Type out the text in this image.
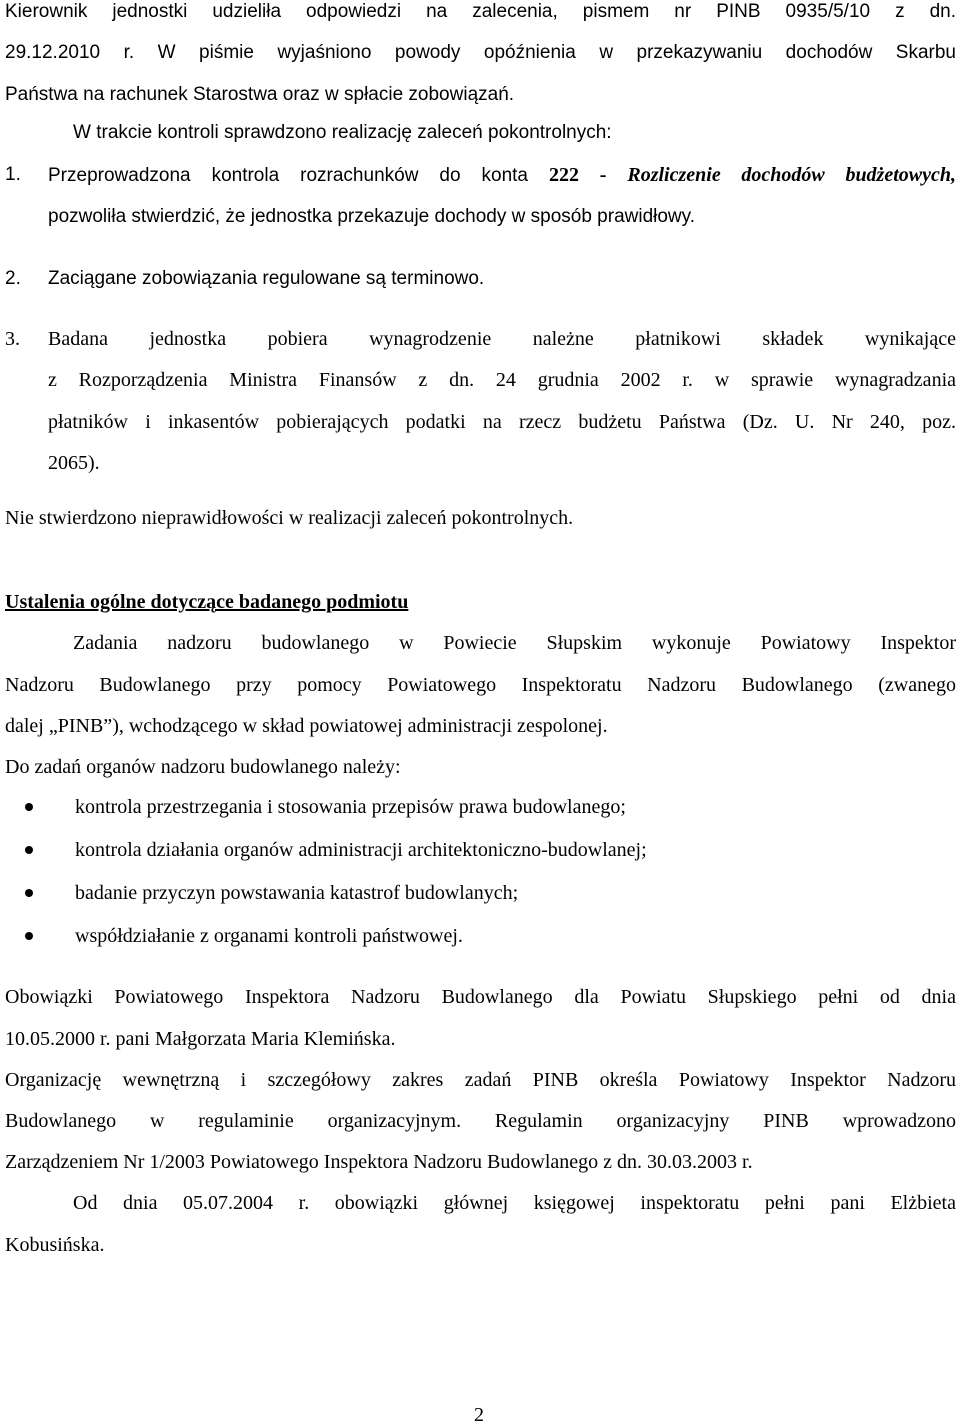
Kierownik jednostki udzieliła odpowiedzi na zalecenia, pismem nr PINB 0935/5/10 z dn.
29.12.2010 r. W piśmie wyjaśniono powody opóźnienia w przekazywaniu dochodów Skarbu
Państwa na rachunek Starostwa oraz w spłacie zobowiązań.
W trakcie kontroli sprawdzono realizację zaleceń pokontrolnych:
1. Przeprowadzona kontrola rozrachunków do konta 222 - Rozliczenie dochodów budżetowych,
pozwoliła stwierdzić, że jednostka przekazuje dochody w sposób prawidłowy.
2. Zaciągane zobowiązania regulowane są terminowo.
3. Badana jednostka pobiera wynagrodzenie należne płatnikowi składek wynikające
z Rozporządzenia Ministra Finansów z dn. 24 grudnia 2002 r. w sprawie wynagradzania
płatników i inkasentów pobierających podatki na rzecz budżetu Państwa (Dz. U. Nr 240, poz.
2065).
Nie stwierdzono nieprawidłowości w realizacji zaleceń pokontrolnych.
Ustalenia ogólne dotyczące badanego podmiotu
Zadania nadzoru budowlanego w Powiecie Słupskim wykonuje Powiatowy Inspektor
Nadzoru Budowlanego przy pomocy Powiatowego Inspektoratu Nadzoru Budowlanego (zwanego
dalej „PINB”), wchodzącego w skład powiatowej administracji zespolonej.
Do zadań organów nadzoru budowlanego należy:
kontrola przestrzegania i stosowania przepisów prawa budowlanego;
kontrola działania organów administracji architektoniczno-budowlanej;
badanie przyczyn powstawania katastrof budowlanych;
współdziałanie z organami kontroli państwowej.
Obowiązki Powiatowego Inspektora Nadzoru Budowlanego dla Powiatu Słupskiego pełni od dnia
10.05.2000 r. pani Małgorzata Maria Klemińska.
Organizację wewnętrzną i szczegółowy zakres zadań PINB określa Powiatowy Inspektor Nadzoru
Budowlanego w regulaminie organizacyjnym. Regulamin organizacyjny PINB wprowadzono
Zarządzeniem Nr 1/2003 Powiatowego Inspektora Nadzoru Budowlanego z dn. 30.03.2003 r.
Od dnia 05.07.2004 r. obowiązki głównej księgowej inspektoratu pełni pani Elżbieta
Kobusińska.
2
